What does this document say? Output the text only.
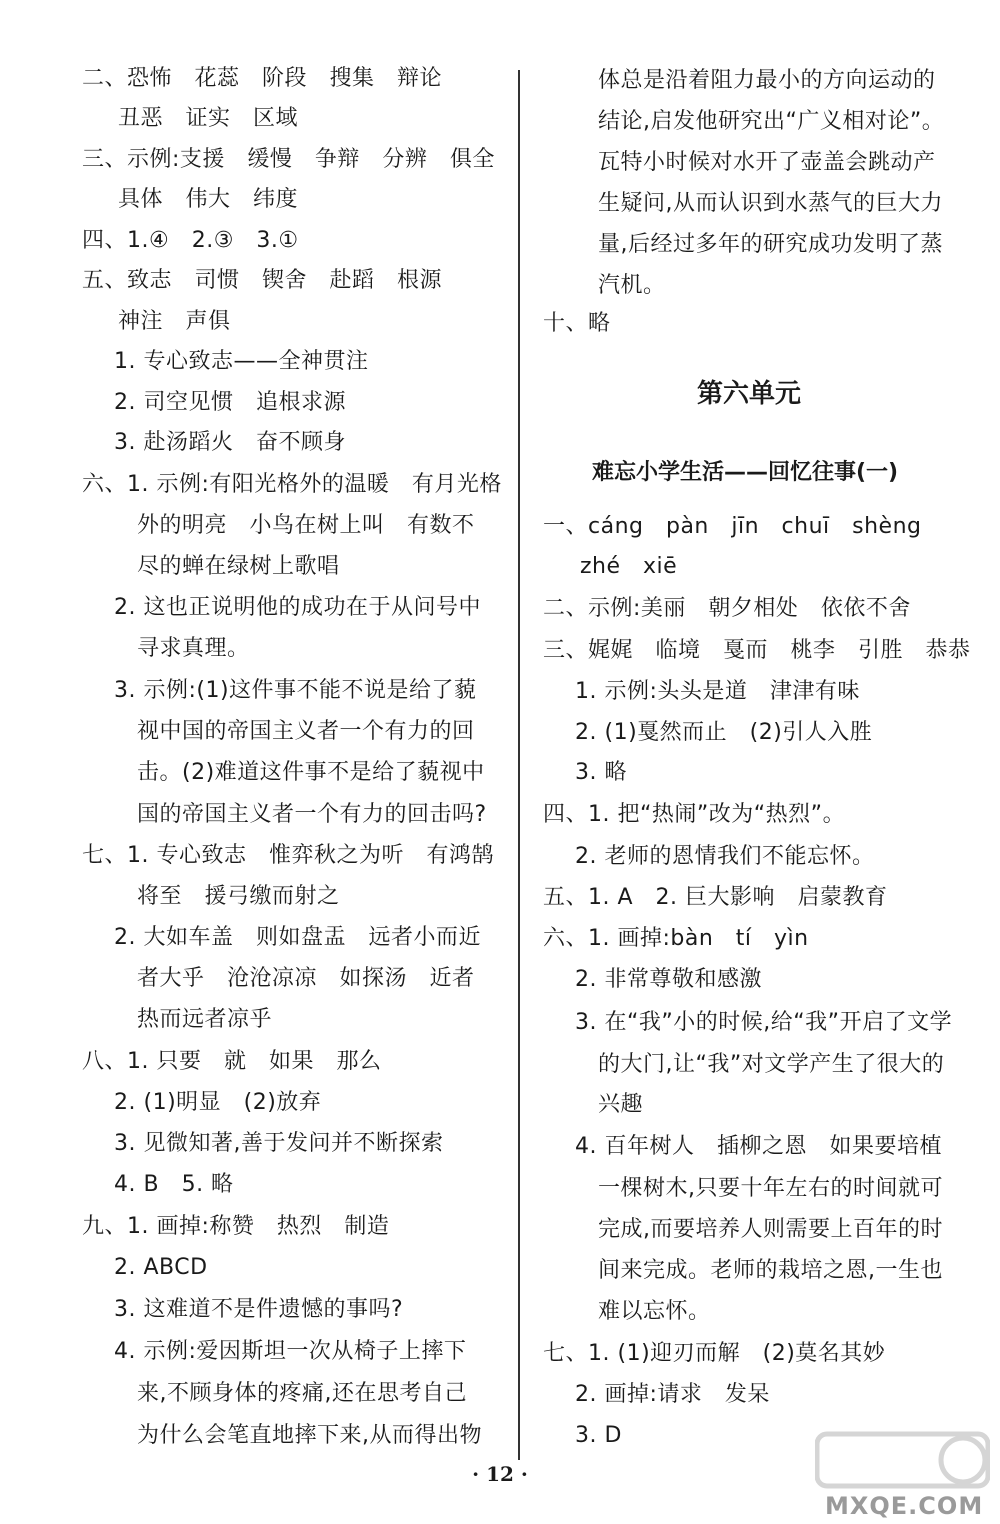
二、恐怖　花蕊　阶段　搜集　辩论
丑恶　证实　区域
三、示例:支援　缓慢　争辩　分辨　俱全
具体　伟大　纬度
四、1.④　2.③　3.①
五、致志　司惯　锲舍　赴蹈　根源
神注　声俱
1. 专心致志——全神贯注
2. 司空见惯　追根求源
3. 赴汤蹈火　奋不顾身
六、1. 示例:有阳光格外的温暖　有月光格
外的明亮　小鸟在树上叫　有数不
尽的蝉在绿树上歌唱
2. 这也正说明他的成功在于从问号中
寻求真理。
3. 示例:(1)这件事不能不说是给了藐
视中国的帝国主义者一个有力的回
击。(2)难道这件事不是给了藐视中
国的帝国主义者一个有力的回击吗?
七、1. 专心致志　惟弈秋之为听　有鸿鹄
将至　援弓缴而射之
2. 大如车盖　则如盘盂　远者小而近
者大乎　沧沧凉凉　如探汤　近者
热而远者凉乎
八、1. 只要　就　如果　那么
2. (1)明显　(2)放弃
3. 见微知著,善于发问并不断探索
4. B　5. 略
九、1. 画掉:称赞　热烈　制造
2. ABCD
3. 这难道不是件遗憾的事吗?
4. 示例:爱因斯坦一次从椅子上摔下
来,不顾身体的疼痛,还在思考自己
为什么会笔直地摔下来,从而得出物
体总是沿着阻力最小的方向运动的
结论,启发他研究出“广义相对论”。
瓦特小时候对水开了壶盖会跳动产
生疑问,从而认识到水蒸气的巨大力
量,后经过多年的研究成功发明了蒸
汽机。
十、略
一、cáng　pàn　jīn　chuī　shèng
zhé　xiē
二、示例:美丽　朝夕相处　依依不舍
三、娓娓　临境　戛而　桃李　引胜　恭恭
1. 示例:头头是道　津津有味
2. (1)戛然而止　(2)引人入胜
3. 略
四、1. 把“热闹”改为“热烈”。
2. 老师的恩情我们不能忘怀。
五、1. A　2. 巨大影响　启蒙教育
六、1. 画掉:bàn　tí　yìn
2. 非常尊敬和感激
3. 在“我”小的时候,给“我”开启了文学
的大门,让“我”对文学产生了很大的
兴趣
4. 百年树人　插柳之恩　如果要培植
一棵树木,只要十年左右的时间就可
完成,而要培养人则需要上百年的时
间来完成。老师的栽培之恩,一生也
难以忘怀。
七、1. (1)迎刃而解　(2)莫名其妙
2. 画掉:请求　发呆
3. D
第六单元
难忘小学生活——回忆往事(一)
· 12 ·
MXQE.COM
